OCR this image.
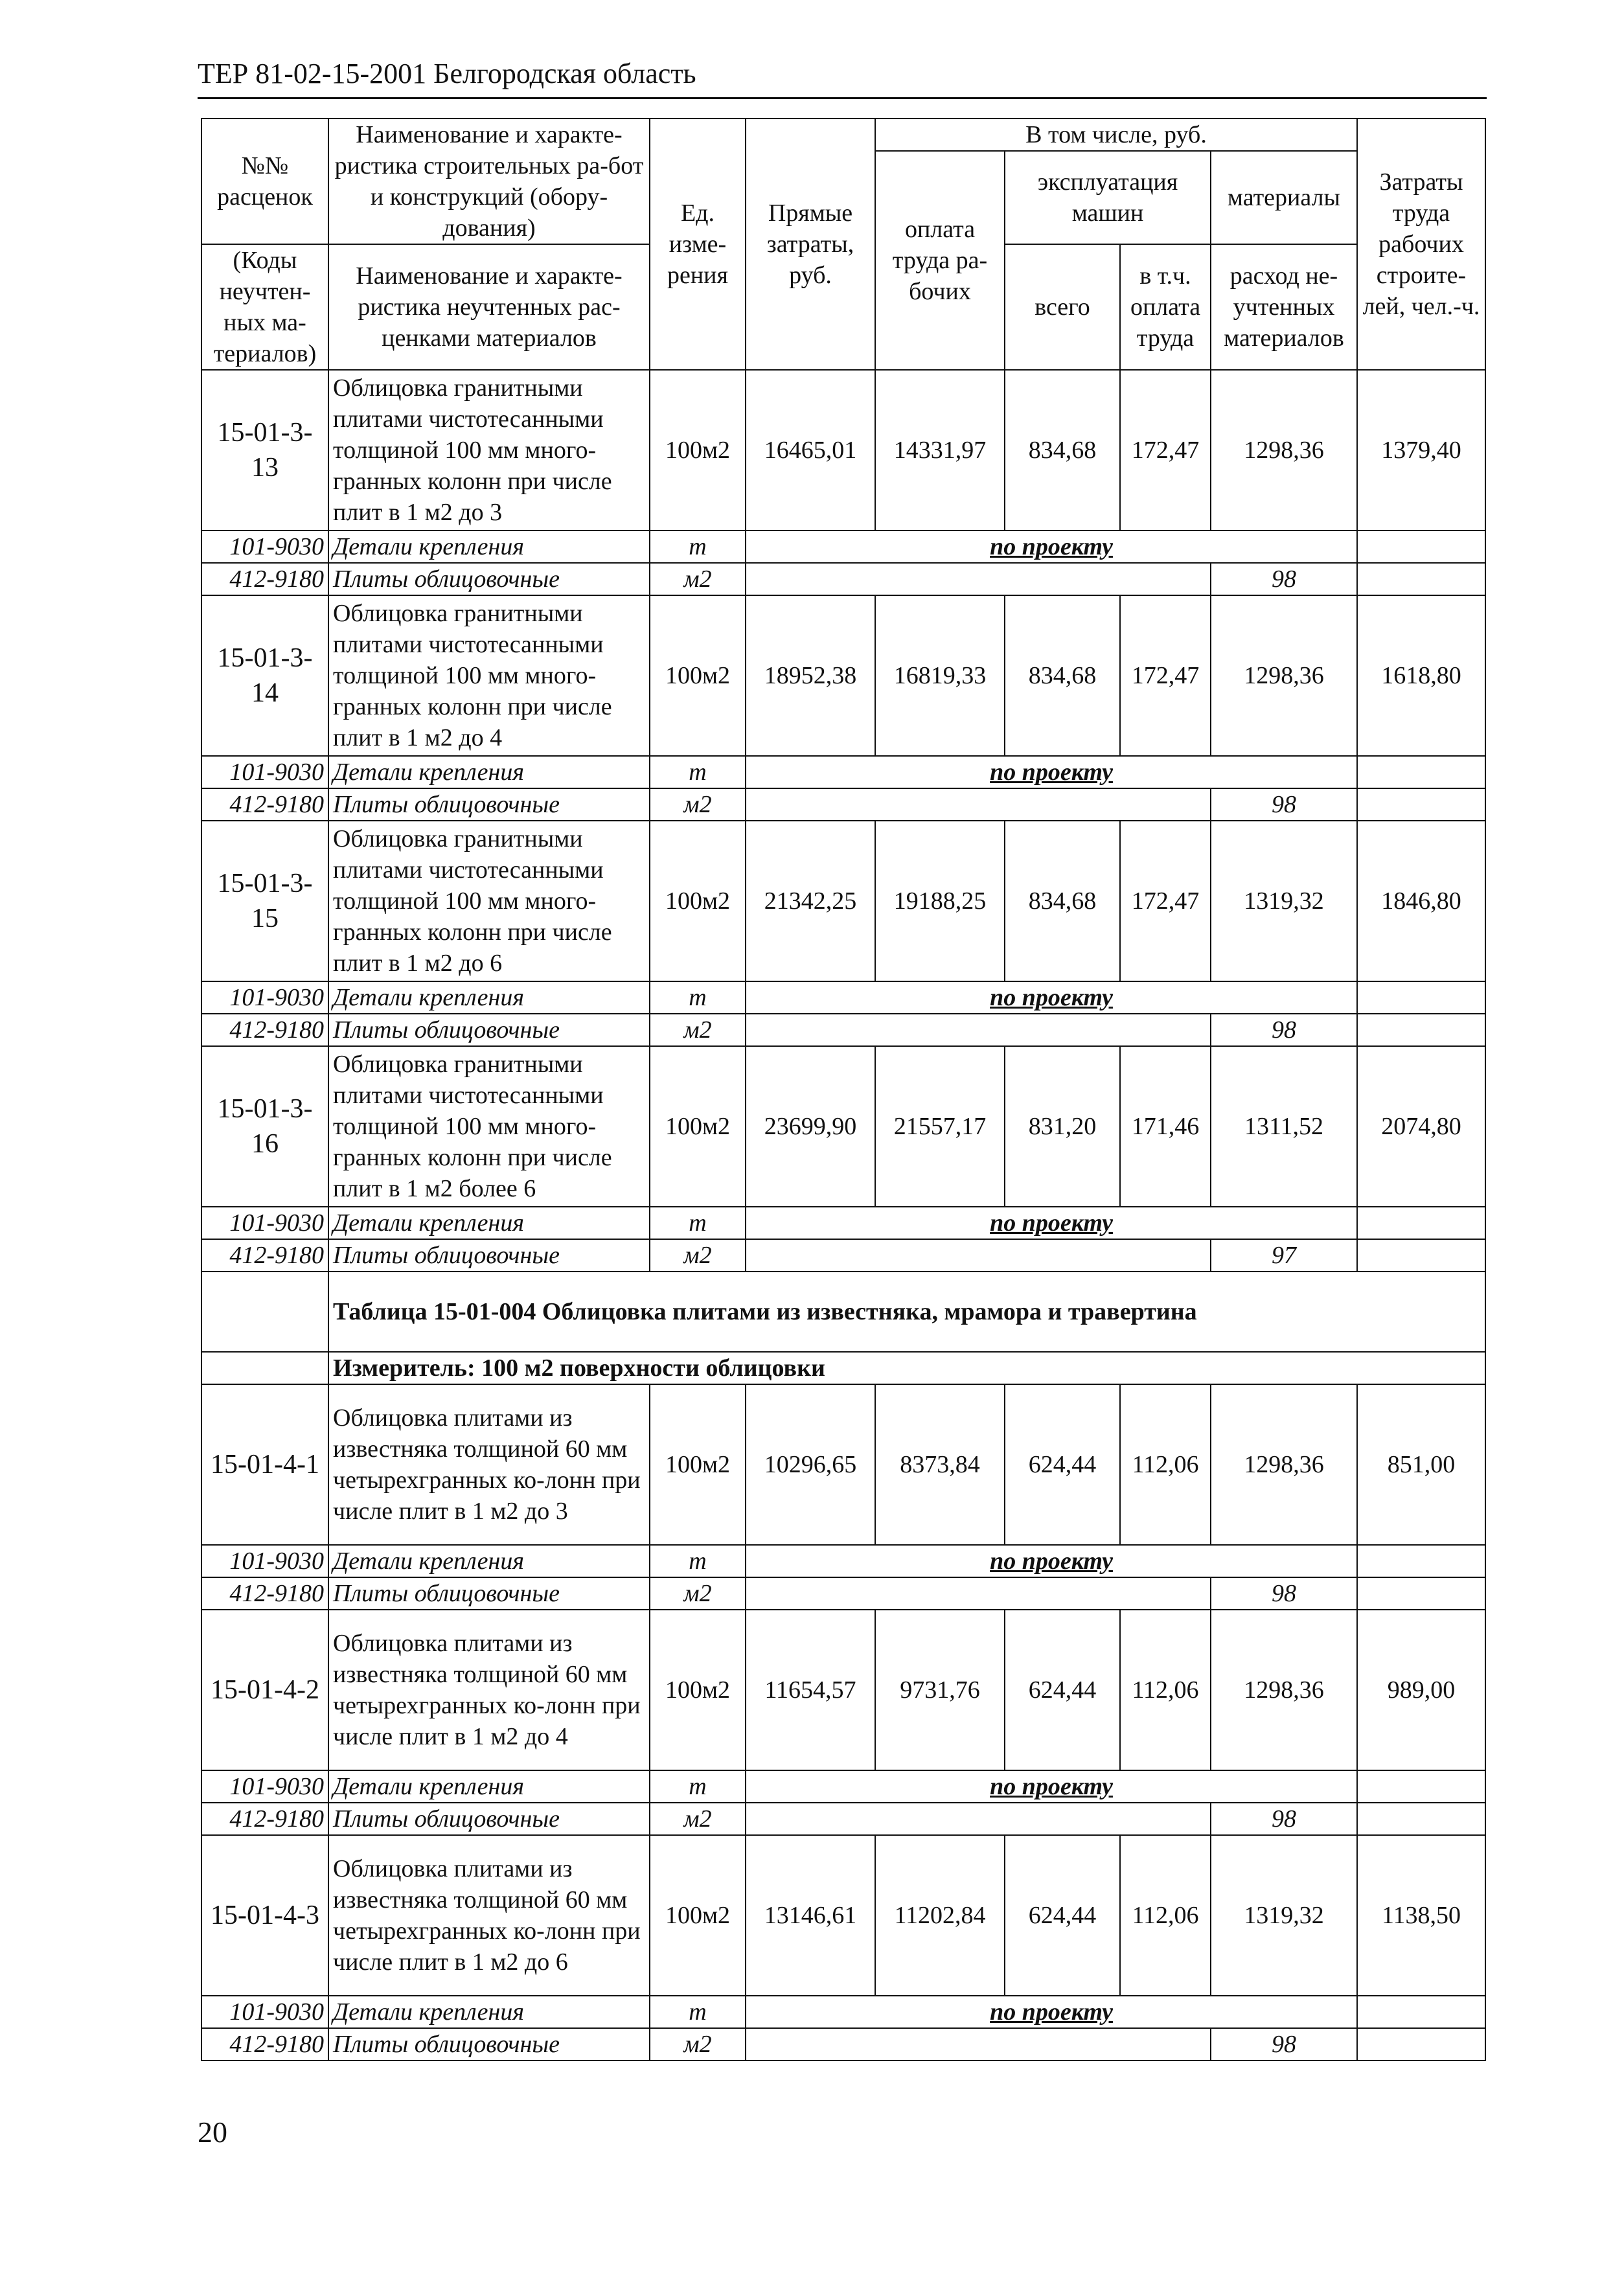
ТЕР 81-02-15-2001 Белгородская область
№№ расценок	Наименование и характе-ристика строительных ра-бот и конструкций (обору-дования)	Ед. изме-рения	Прямые затраты, руб.	В том числе, руб.				Затраты труда рабочих строите-лей, чел.-ч.
				оплата труда ра-бочих	эксплуатация машин		материалы	
(Коды неучтен-ных ма-териалов)	Наименование и характе-ристика неучтенных рас-ценками материалов						расход не-учтенных материалов	
					всего	в т.ч. оплата труда		
15-01-3-13	Облицовка гранитными плитами чистотесанными толщиной 100 мм много-гранных колонн при числе плит в 1 м2 до 3	100м2	16465,01	14331,97	834,68	172,47	1298,36	1379,40
101-9030	Детали крепления	т	по проекту					
412-9180	Плиты облицовочные	м2					98	
15-01-3-14	Облицовка гранитными плитами чистотесанными толщиной 100 мм много-гранных колонн при числе плит в 1 м2 до 4	100м2	18952,38	16819,33	834,68	172,47	1298,36	1618,80
101-9030	Детали крепления	т	по проекту					
412-9180	Плиты облицовочные	м2					98	
15-01-3-15	Облицовка гранитными плитами чистотесанными толщиной 100 мм много-гранных колонн при числе плит в 1 м2 до 6	100м2	21342,25	19188,25	834,68	172,47	1319,32	1846,80
101-9030	Детали крепления	т	по проекту					
412-9180	Плиты облицовочные	м2					98	
15-01-3-16	Облицовка гранитными плитами чистотесанными толщиной 100 мм много-гранных колонн при числе плит в 1 м2 более 6	100м2	23699,90	21557,17	831,20	171,46	1311,52	2074,80
101-9030	Детали крепления	т	по проекту					
412-9180	Плиты облицовочные	м2					97	
	Таблица 15-01-004 Облицовка плитами из известняка, мрамора и травертина							
	Измеритель: 100 м2 поверхности облицовки							
15-01-4-1	Облицовка плитами из известняка толщиной 60 мм четырехгранных ко-лонн при числе плит в 1 м2 до 3	100м2	10296,65	8373,84	624,44	112,06	1298,36	851,00
101-9030	Детали крепления	т	по проекту					
412-9180	Плиты облицовочные	м2					98	
15-01-4-2	Облицовка плитами из известняка толщиной 60 мм четырехгранных ко-лонн при числе плит в 1 м2 до 4	100м2	11654,57	9731,76	624,44	112,06	1298,36	989,00
101-9030	Детали крепления	т	по проекту					
412-9180	Плиты облицовочные	м2					98	
15-01-4-3	Облицовка плитами из известняка толщиной 60 мм четырехгранных ко-лонн при числе плит в 1 м2 до 6	100м2	13146,61	11202,84	624,44	112,06	1319,32	1138,50
101-9030	Детали крепления	т	по проекту					
412-9180	Плиты облицовочные	м2					98	
20
